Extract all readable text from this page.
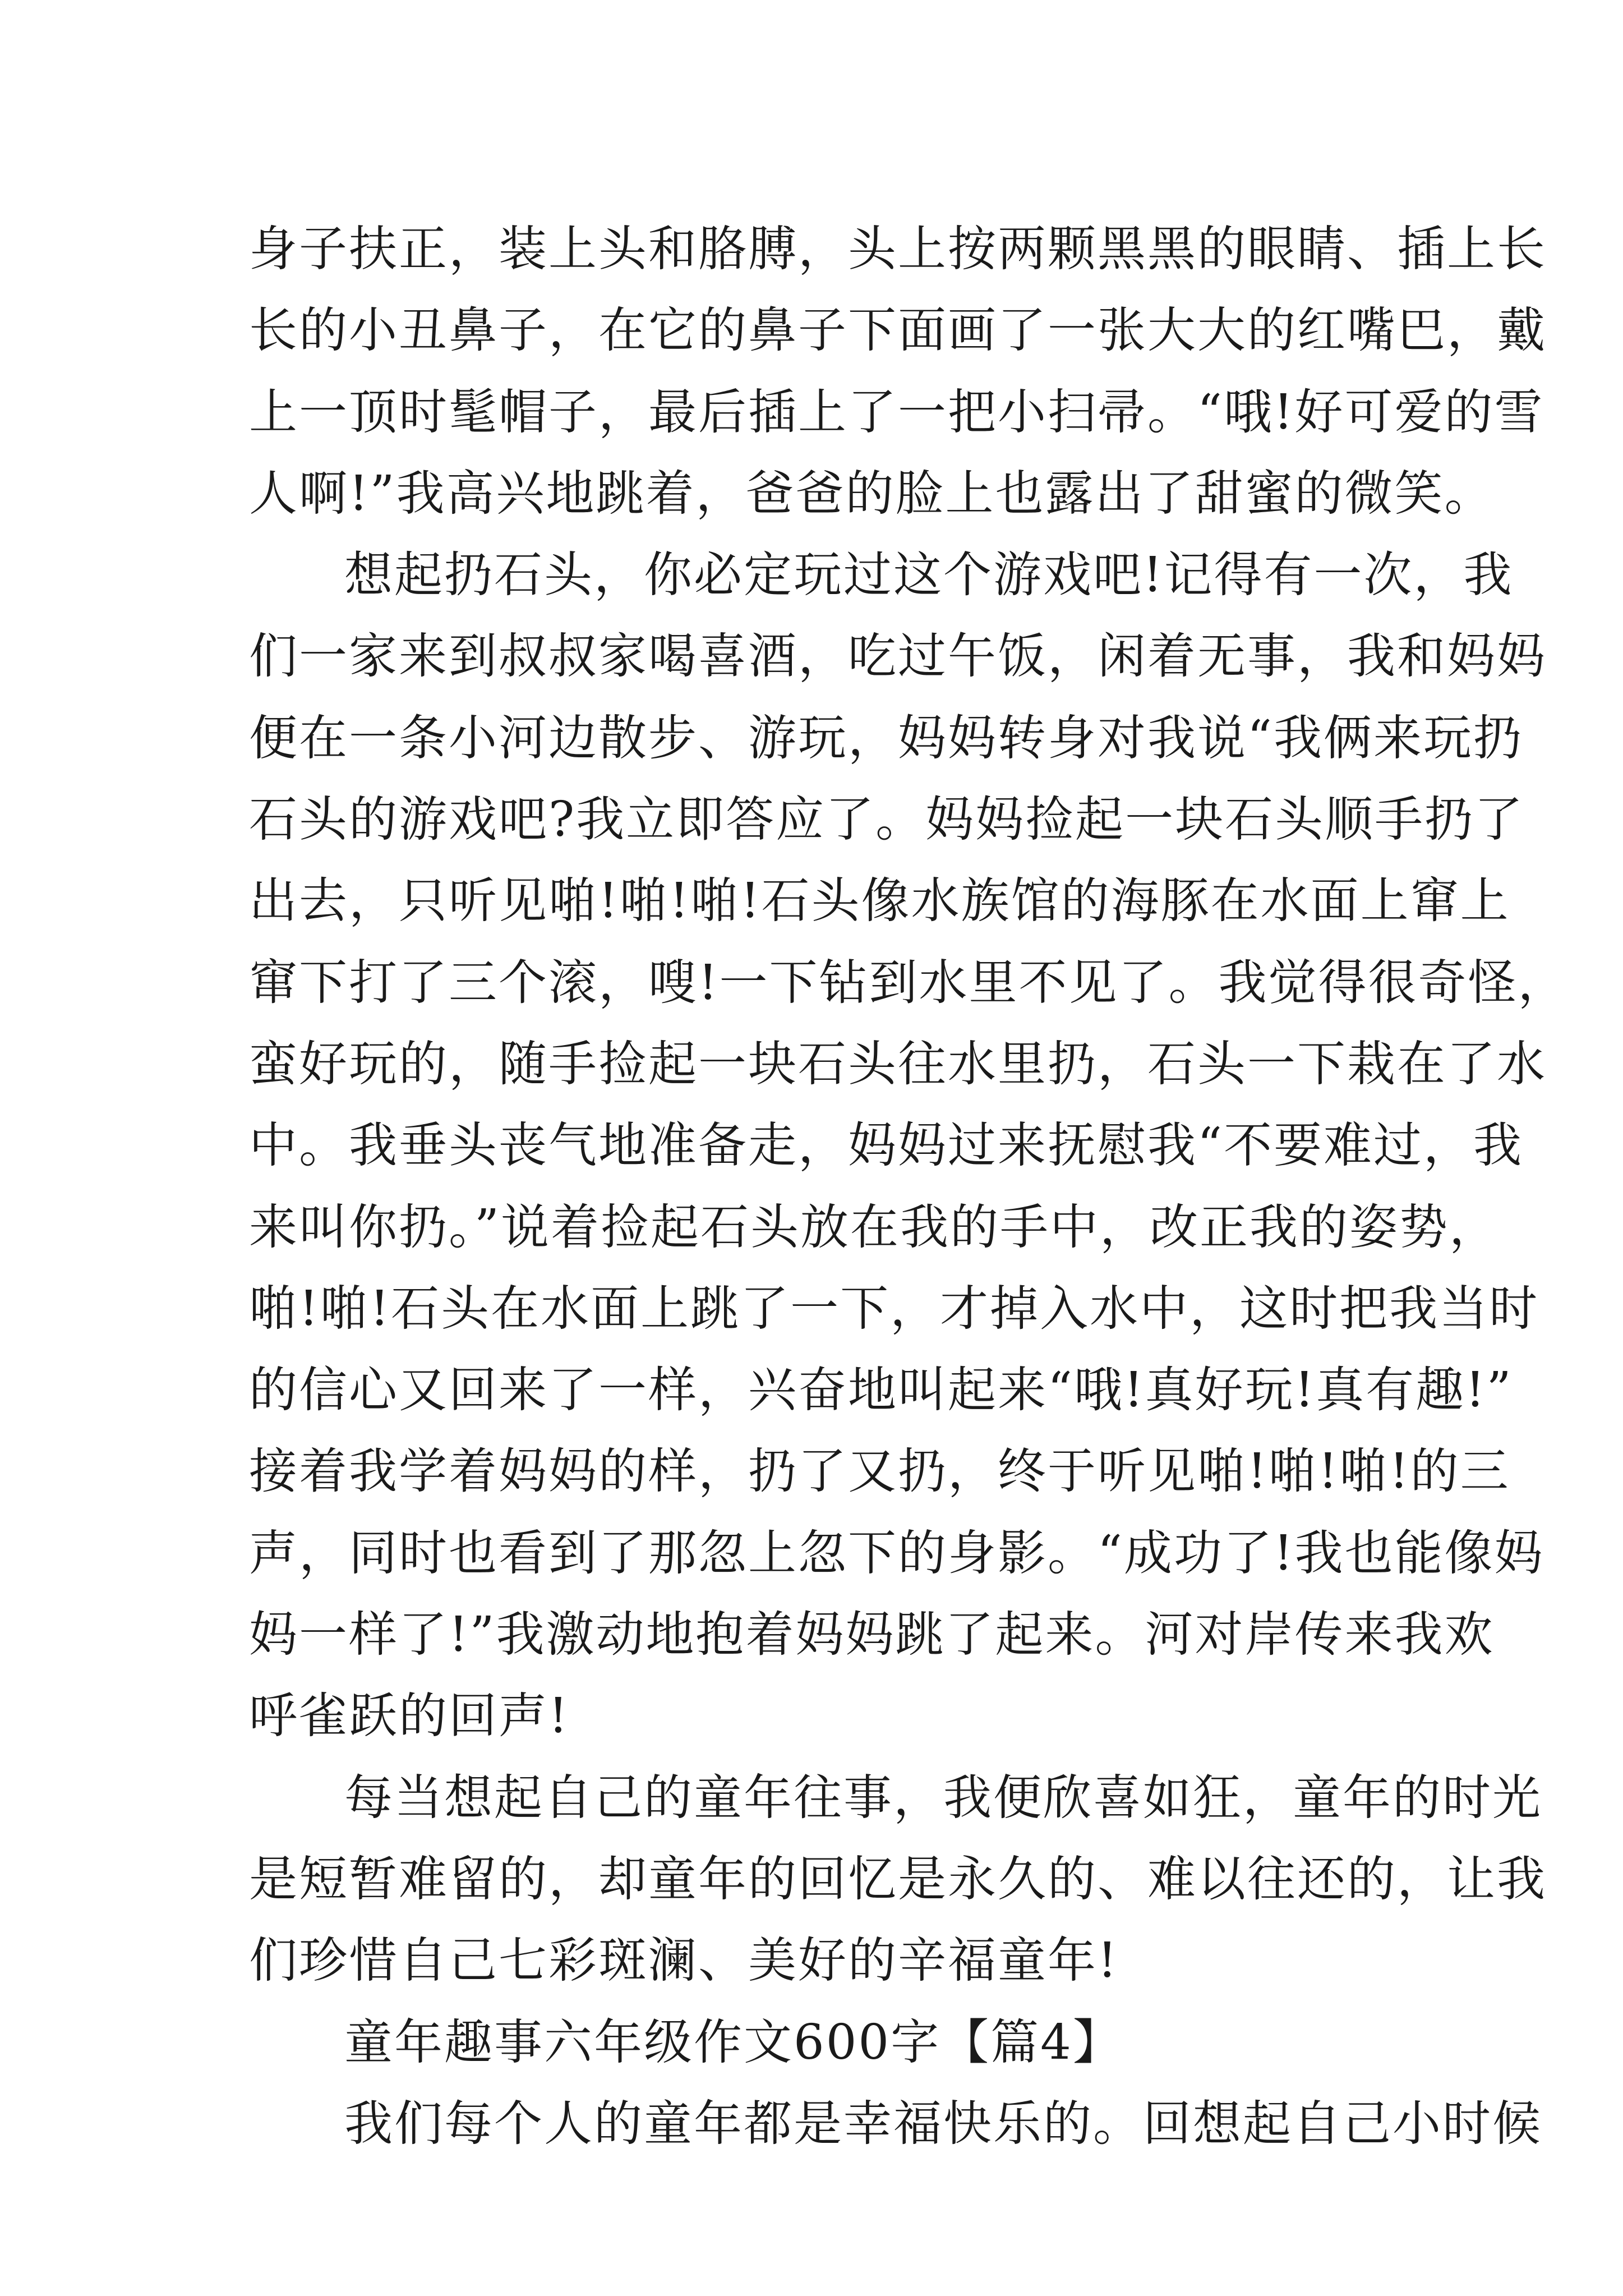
身子扶正，装上头和胳膊，头上按两颗黑黑的眼睛、插上长
长的小丑鼻子，在它的鼻子下面画了一张大大的红嘴巴，戴
上一顶时髦帽子，最后插上了一把小扫帚。“哦!好可爱的雪
人啊!”我高兴地跳着，爸爸的脸上也露出了甜蜜的微笑。
想起扔石头，你必定玩过这个游戏吧!记得有一次，我
们一家来到叔叔家喝喜酒，吃过午饭，闲着无事，我和妈妈
便在一条小河边散步、游玩，妈妈转身对我说“我俩来玩扔
石头的游戏吧?我立即答应了。妈妈捡起一块石头顺手扔了
出去，只听见啪!啪!啪!石头像水族馆的海豚在水面上窜上
窜下打了三个滚，嗖!一下钻到水里不见了。我觉得很奇怪，
蛮好玩的，随手捡起一块石头往水里扔，石头一下栽在了水
中。我垂头丧气地准备走，妈妈过来抚慰我“不要难过，我
来叫你扔。”说着捡起石头放在我的手中，改正我的姿势，
啪!啪!石头在水面上跳了一下，才掉入水中，这时把我当时
的信心又回来了一样，兴奋地叫起来“哦!真好玩!真有趣!”
接着我学着妈妈的样，扔了又扔，终于听见啪!啪!啪!的三
声，同时也看到了那忽上忽下的身影。“成功了!我也能像妈
妈一样了!”我激动地抱着妈妈跳了起来。河对岸传来我欢
呼雀跃的回声!
每当想起自己的童年往事，我便欣喜如狂，童年的时光
是短暂难留的，却童年的回忆是永久的、难以往还的，让我
们珍惜自己七彩斑澜、美好的辛福童年!
童年趣事六年级作文600字【篇4】
我们每个人的童年都是幸福快乐的。回想起自己小时候
